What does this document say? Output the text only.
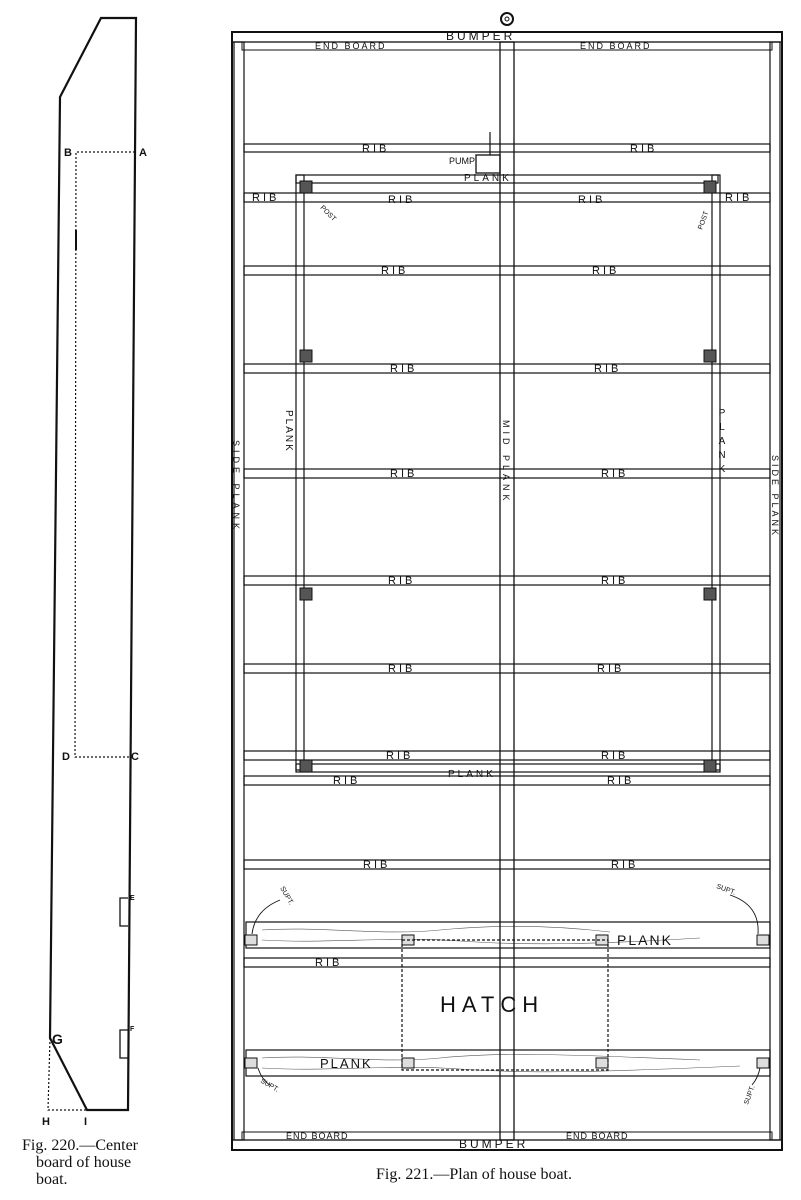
B	A
D	C
E
F
G
H	I
BUMPER
BUMPER
END BOARD	END BOARD
END BOARD	END BOARD
PUMP
RIB	RIB
RIB	RIB	RIB	RIB
RIB	RIB
RIB	RIB
RIB	RIB
RIB	RIB
RIB	RIB
RIB	RIB
RIB	RIB
RIB	RIB
RIB
PLANK
PLANK
PLANK
PLANK
HATCH
POST	POST
PLANK	PLANK
SIDE PLANK	SIDE PLANK
MID PLANK
SUPT.	SUPT.
SUPT.	SUPT.
Fig. 220.—Center
board of house
boat.	Fig. 221.—Plan of house boat.
